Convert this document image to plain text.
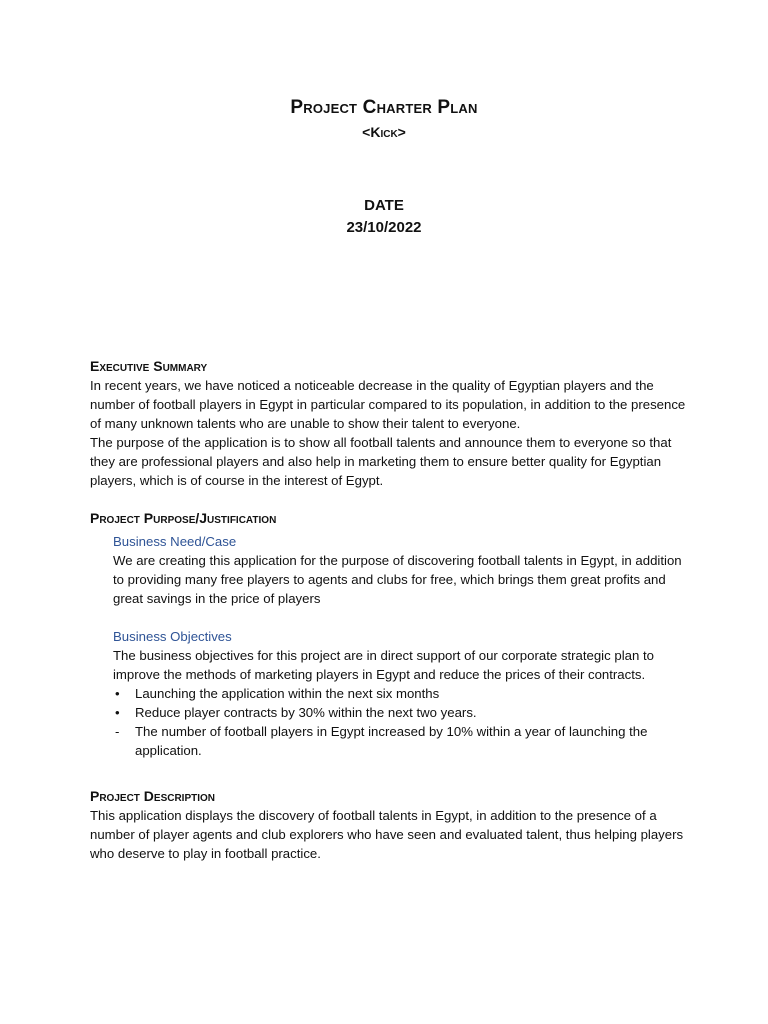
Project Charter Plan
<Kick>
DATE
23/10/2022
Executive Summary

In recent years, we have noticed a noticeable decrease in the quality of Egyptian players and the number of football players in Egypt in particular compared to its population, in addition to the presence of many unknown talents who are unable to show their talent to everyone.

The purpose of the application is to show all football talents and announce them to everyone so that they are professional players and also help in marketing them to ensure better quality for Egyptian players, which is of course in the interest of Egypt.

Project Purpose/Justification
Business Need/Case

We are creating this application for the purpose of discovering football talents in Egypt, in addition to providing many free players to agents and clubs for free, which brings them great profits and great savings in the price of players

Business Objectives

The business objectives for this project are in direct support of our corporate strategic plan to improve the methods of marketing players in Egypt and reduce the prices of their contracts.

• Launching the application within the next six months
• Reduce player contracts by 30% within the next two years.
- The number of football players in Egypt increased by 10% within a year of launching the application.
Project Description

This application displays the discovery of football talents in Egypt, in addition to the presence of a number of player agents and club explorers who have seen and evaluated talent, thus helping players who deserve to play in football practice.
